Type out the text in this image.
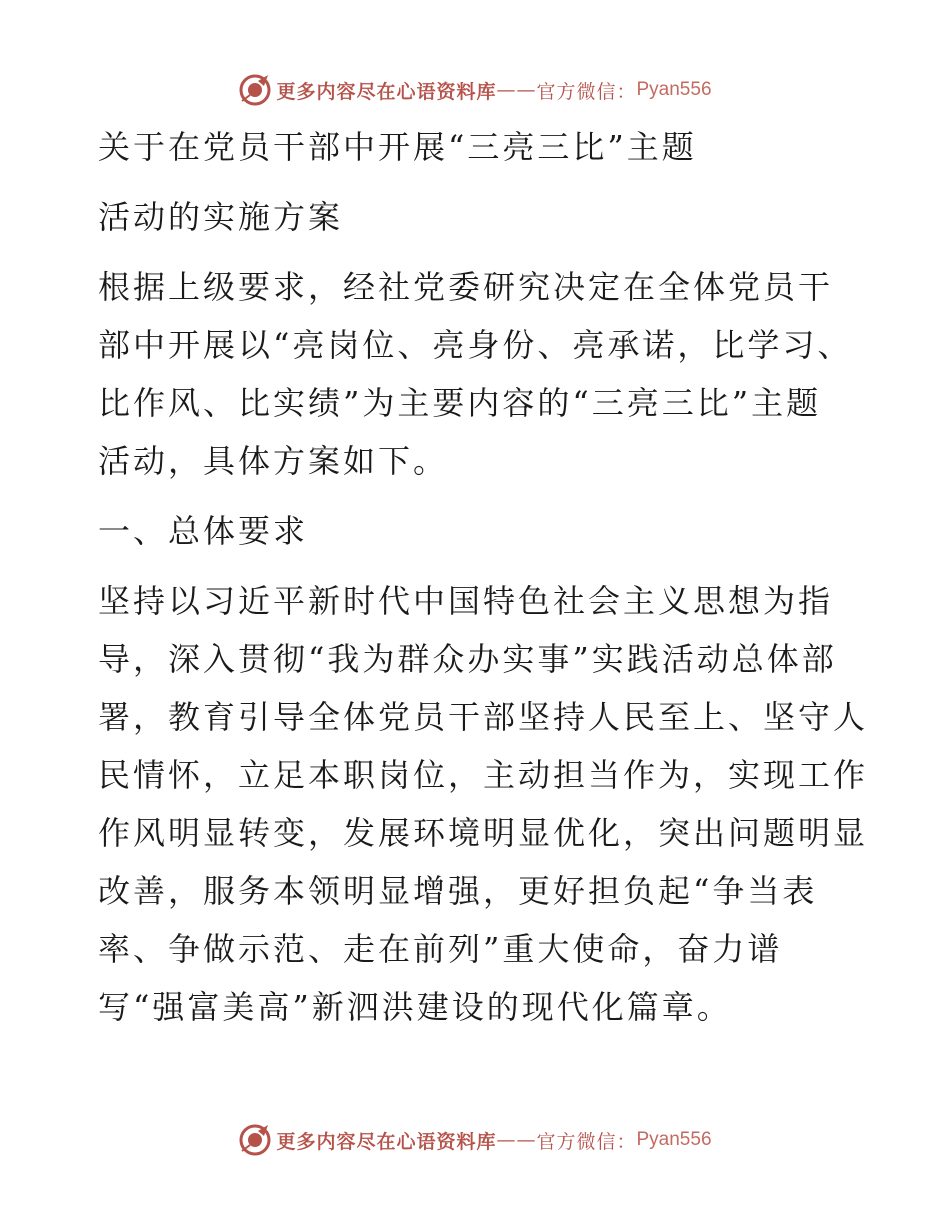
更多内容尽在心语资料库 —— 官方微信： Pyan556
关于在党员干部中开展“三亮三比”主题
活动的实施方案
根据上级要求，经社党委研究决定在全体党员干
部中开展以“亮岗位、亮身份、亮承诺，比学习、
比作风、比实绩”为主要内容的“三亮三比”主题
活动，具体方案如下。
一、总体要求
坚持以习近平新时代中国特色社会主义思想为指
导，深入贯彻“我为群众办实事”实践活动总体部
署，教育引导全体党员干部坚持人民至上、坚守人
民情怀，立足本职岗位，主动担当作为，实现工作
作风明显转变，发展环境明显优化，突出问题明显
改善，服务本领明显增强，更好担负起“争当表
率、争做示范、走在前列”重大使命，奋力谱
写“强富美高”新泗洪建设的现代化篇章。
更多内容尽在心语资料库 —— 官方微信： Pyan556
